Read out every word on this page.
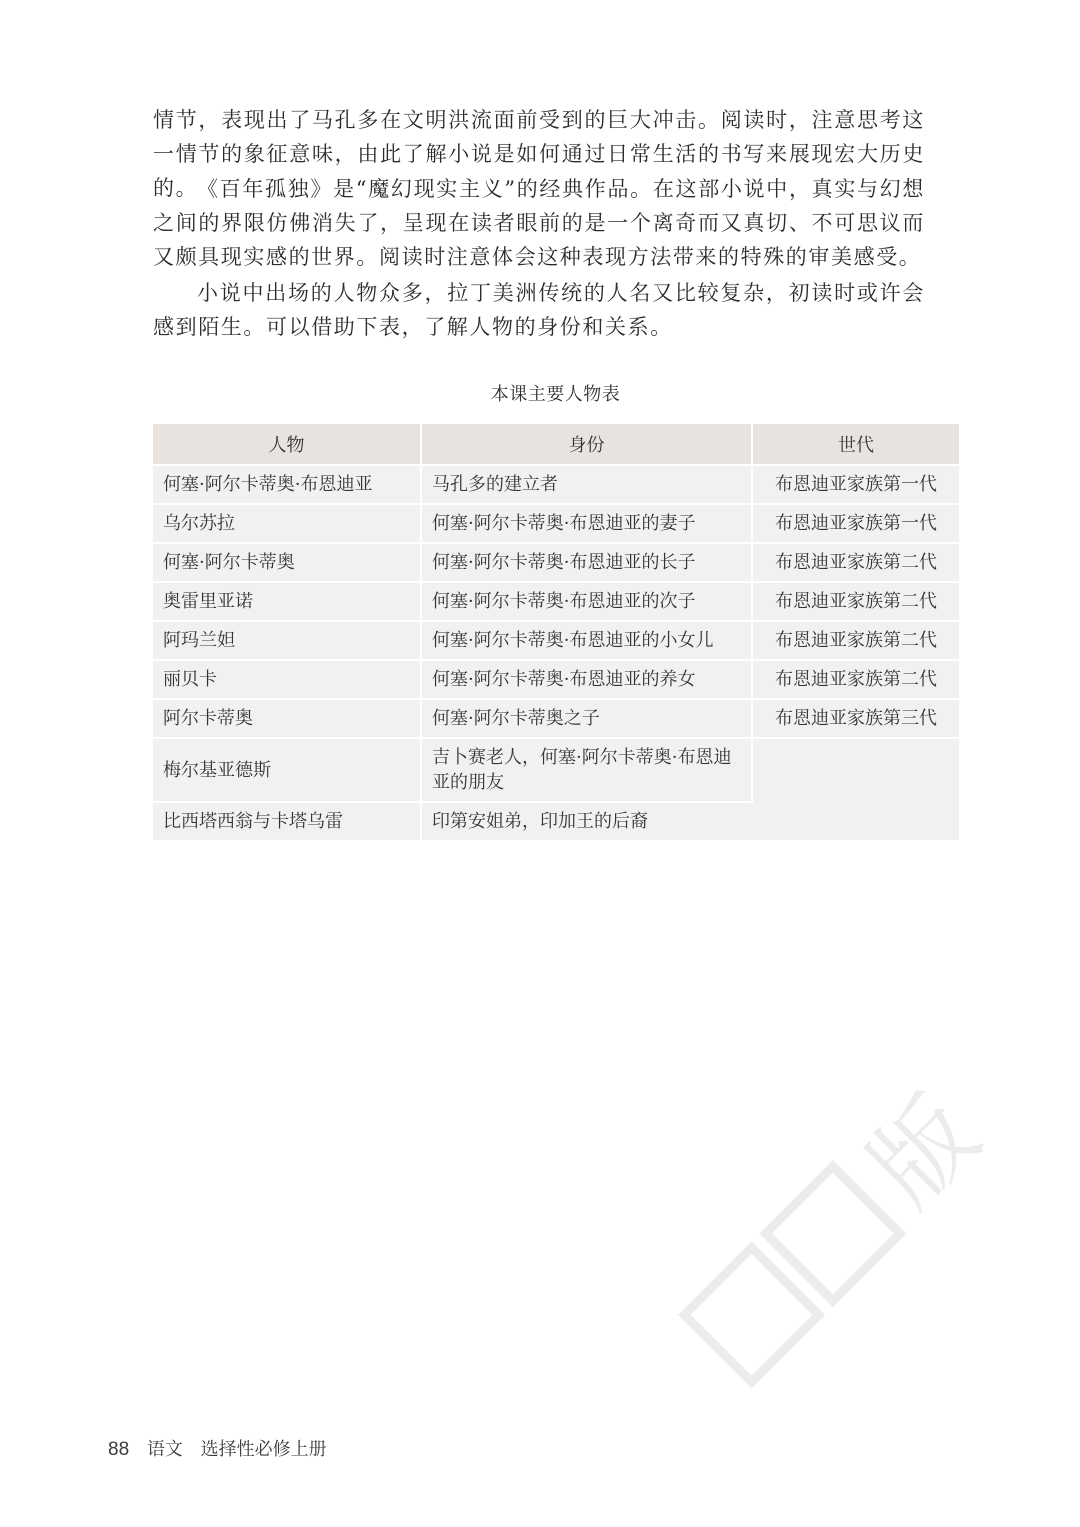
情节，表现出了马孔多在文明洪流面前受到的巨大冲击。阅读时，注意思考这一情节的象征意味，由此了解小说是如何通过日常生活的书写来展现宏大历史的。

《百年孤独》是“魔幻现实主义”的经典作品。在这部小说中，真实与幻想之间的界限仿佛消失了，呈现在读者眼前的是一个离奇而又真切、不可思议而又颇具现实感的世界。阅读时注意体会这种表现方法带来的特殊的审美感受。

小说中出场的人物众多，拉丁美洲传统的人名又比较复杂，初读时或许会感到陌生。可以借助下表，了解人物的身份和关系。

本课主要人物表
人物	身份	世代
何塞·阿尔卡蒂奥·布恩迪亚	马孔多的建立者	布恩迪亚家族第一代
乌尔苏拉	何塞·阿尔卡蒂奥·布恩迪亚的妻子	布恩迪亚家族第一代
何塞·阿尔卡蒂奥	何塞·阿尔卡蒂奥·布恩迪亚的长子	布恩迪亚家族第二代
奥雷里亚诺	何塞·阿尔卡蒂奥·布恩迪亚的次子	布恩迪亚家族第二代
阿玛兰妲	何塞·阿尔卡蒂奥·布恩迪亚的小女儿	布恩迪亚家族第二代
丽贝卡	何塞·阿尔卡蒂奥·布恩迪亚的养女	布恩迪亚家族第二代
阿尔卡蒂奥	何塞·阿尔卡蒂奥之子	布恩迪亚家族第三代
梅尔基亚德斯	吉卜赛老人，何塞·阿尔卡蒂奥·布恩迪亚的朋友	
比西塔西翁与卡塔乌雷	印第安姐弟，印加王的后裔	
版
88 语文 选择性必修上册
